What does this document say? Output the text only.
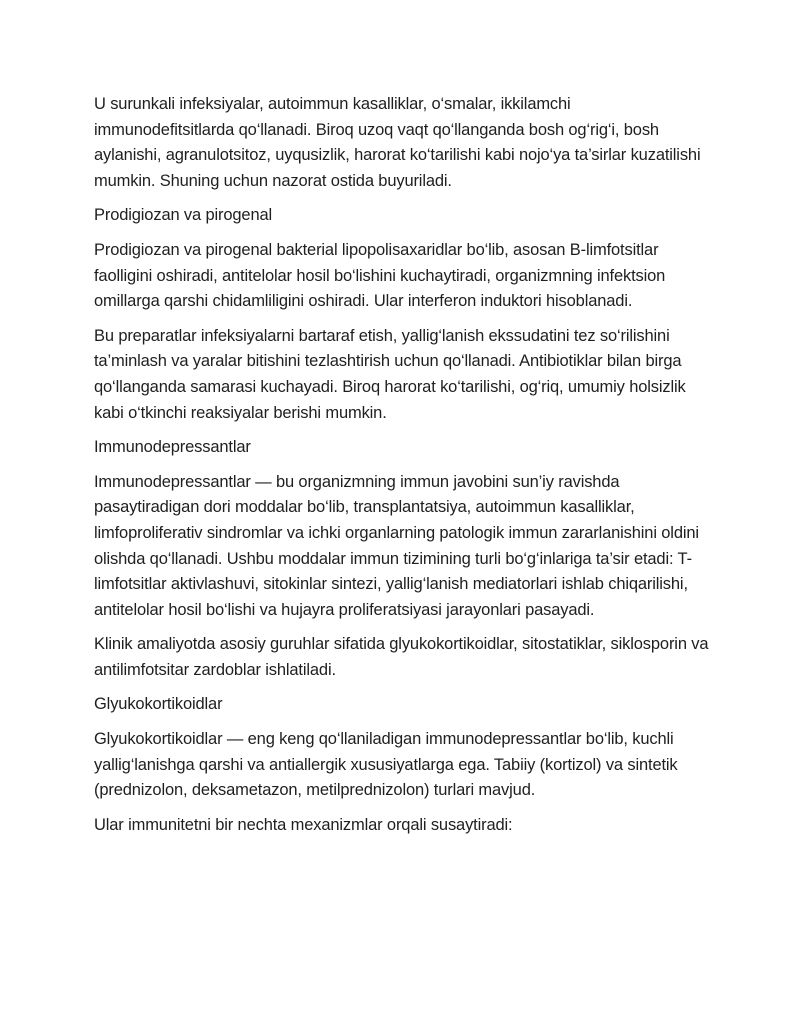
U surunkali infeksiyalar, autoimmun kasalliklar, o‘smalar, ikkilamchi immunodefitsitlarda qo‘llanadi. Biroq uzoq vaqt qo‘llanganda bosh og‘rig‘i, bosh aylanishi, agranulotsitoz, uyqusizlik, harorat ko‘tarilishi kabi nojo‘ya ta’sirlar kuzatilishi mumkin. Shuning uchun nazorat ostida buyuriladi.

Prodigiozan va pirogenal

Prodigiozan va pirogenal bakterial lipopolisaxaridlar bo‘lib, asosan B-limfotsitlar faolligini oshiradi, antitelolar hosil bo‘lishini kuchaytiradi, organizmning infektsion omillarga qarshi chidamliligini oshiradi. Ular interferon induktori hisoblanadi.

Bu preparatlar infeksiyalarni bartaraf etish, yallig‘lanish ekssudatini tez so‘rilishini ta’minlash va yaralar bitishini tezlashtirish uchun qo‘llanadi. Antibiotiklar bilan birga qo‘llanganda samarasi kuchayadi. Biroq harorat ko‘tarilishi, og‘riq, umumiy holsizlik kabi o‘tkinchi reaksiyalar berishi mumkin.

Immunodepressantlar

Immunodepressantlar — bu organizmning immun javobini sun’iy ravishda pasaytiradigan dori moddalar bo‘lib, transplantatsiya, autoimmun kasalliklar, limfoproliferativ sindromlar va ichki organlarning patologik immun zararlanishini oldini olishda qo‘llanadi. Ushbu moddalar immun tizimining turli bo‘g‘inlariga ta’sir etadi: T-limfotsitlar aktivlashuvi, sitokinlar sintezi, yallig‘lanish mediatorlari ishlab chiqarilishi, antitelolar hosil bo‘lishi va hujayra proliferatsiyasi jarayonlari pasayadi.

Klinik amaliyotda asosiy guruhlar sifatida glyukokortikoidlar, sitostatiklar, siklosporin va antilimfotsitar zardoblar ishlatiladi.

Glyukokortikoidlar

Glyukokortikoidlar — eng keng qo‘llaniladigan immunodepressantlar bo‘lib, kuchli yallig‘lanishga qarshi va antiallergik xususiyatlarga ega. Tabiiy (kortizol) va sintetik (prednizolon, deksametazon, metilprednizolon) turlari mavjud.

Ular immunitetni bir nechta mexanizmlar orqali susaytiradi:
